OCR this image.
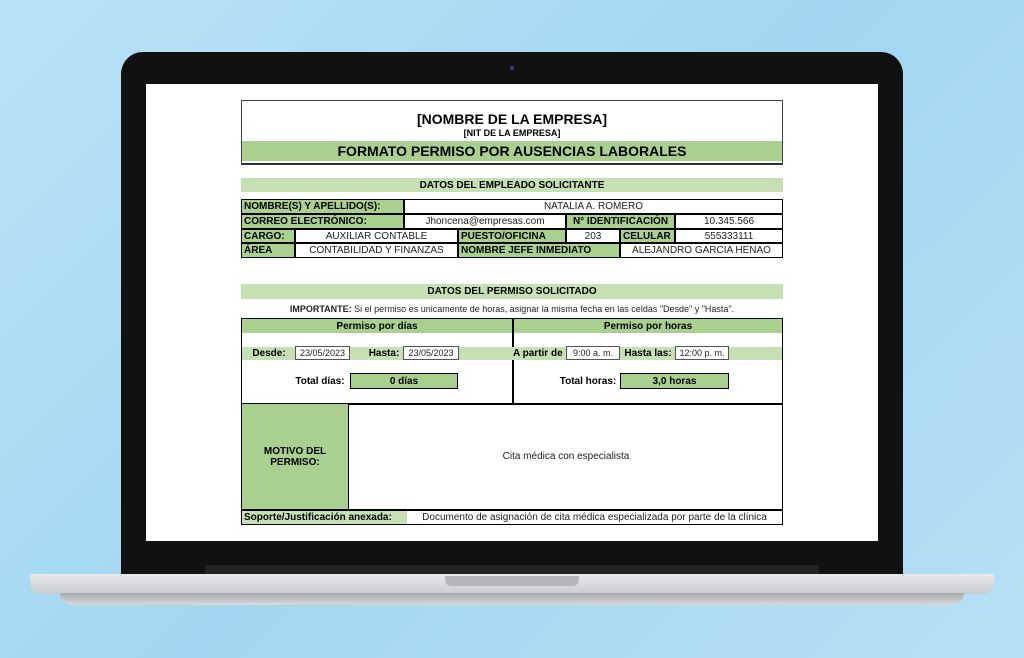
[NOMBRE DE LA EMPRESA]
[NIT DE LA EMPRESA]
FORMATO PERMISO POR AUSENCIAS LABORALES
DATOS DEL EMPLEADO SOLICITANTE
NOMBRE(S) Y APELLIDO(S):	NATALIA A. ROMERO
CORREO ELECTRÓNICO:	Jhoncena@empresas.com	N° IDENTIFICACIÓN	10.345.566
CARGO:	AUXILIAR CONTABLE	PUESTO/OFICINA	203	CELULAR	555333111
ÁREA	CONTABILIDAD Y FINANZAS	NOMBRE JEFE INMEDIATO	ALEJANDRO GARCIA HENAO
DATOS DEL PERMISO SOLICITADO
IMPORTANTE: Si el permiso es unicamente de horas, asignar la misma fecha en las celdas "Desde" y "Hasta".
Permiso por días	Permiso por horas
Desde:	23/05/2023	Hasta:	23/05/2023	A partir de	9:00 a. m.	Hasta las: 12:00 p. m.
Total días:	0 días	Total horas:	3,0 horas
MOTIVO DEL PERMISO:	Cita médica con especialista
Soporte/Justificación anexada:	Documento de asignación de cita médica especializada por parte de la clínica
